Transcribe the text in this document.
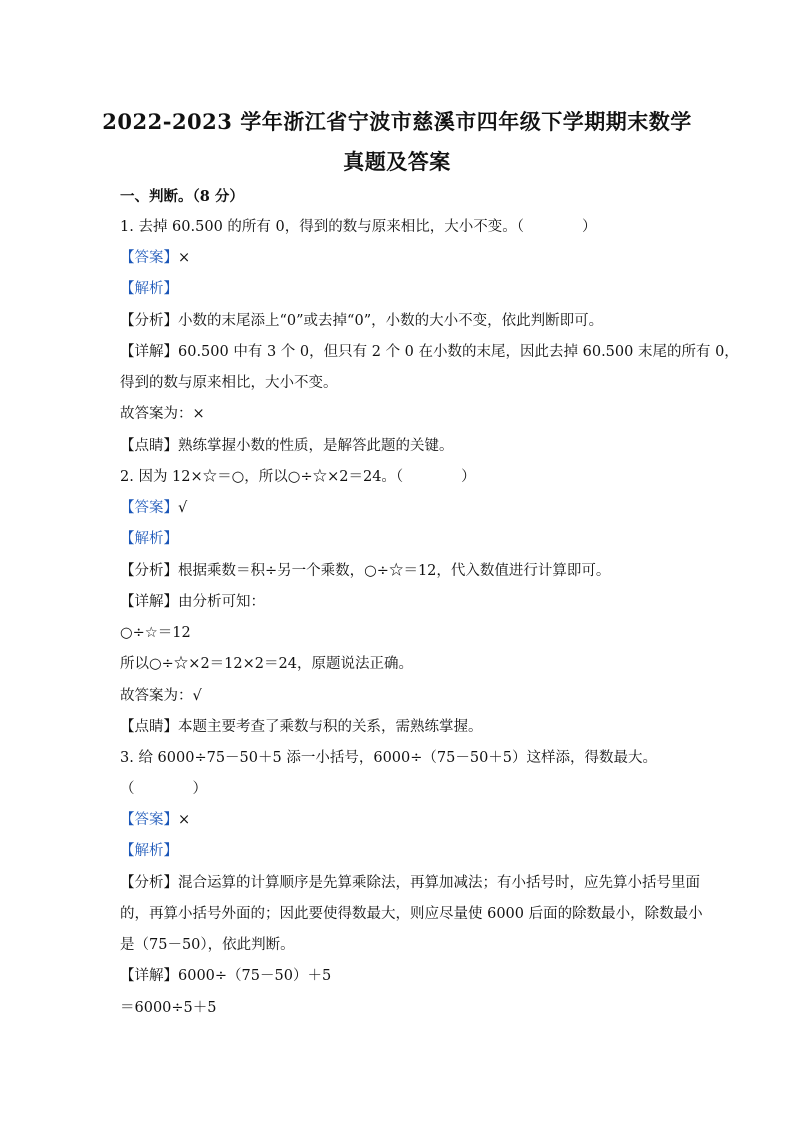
2022-2023 学年浙江省宁波市慈溪市四年级下学期期末数学
真题及答案
一、判断。（8 分）
1. 去掉 60.500 的所有 0，得到的数与原来相比，大小不变。（　　　　）
【答案】×
【解析】
【分析】小数的末尾添上“0”或去掉“0”，小数的大小不变，依此判断即可。
【详解】60.500 中有 3 个 0，但只有 2 个 0 在小数的末尾，因此去掉 60.500 末尾的所有 0，
得到的数与原来相比，大小不变。
故答案为：×
【点睛】熟练掌握小数的性质，是解答此题的关键。
2. 因为 12×☆＝○，所以○÷☆×2＝24。（　　　　）
【答案】√
【解析】
【分析】根据乘数＝积÷另一个乘数，○÷☆＝12，代入数值进行计算即可。
【详解】由分析可知：
○÷☆＝12
所以○÷☆×2＝12×2＝24，原题说法正确。
故答案为：√
【点睛】本题主要考查了乘数与积的关系，需熟练掌握。
3. 给 6000÷75－50＋5 添一小括号，6000÷（75－50＋5）这样添，得数最大。
（　　　　）
【答案】×
【解析】
【分析】混合运算的计算顺序是先算乘除法，再算加减法；有小括号时，应先算小括号里面
的，再算小括号外面的；因此要使得数最大，则应尽量使 6000 后面的除数最小，除数最小
是（75－50），依此判断。
【详解】6000÷（75－50）＋5
＝6000÷5＋5
